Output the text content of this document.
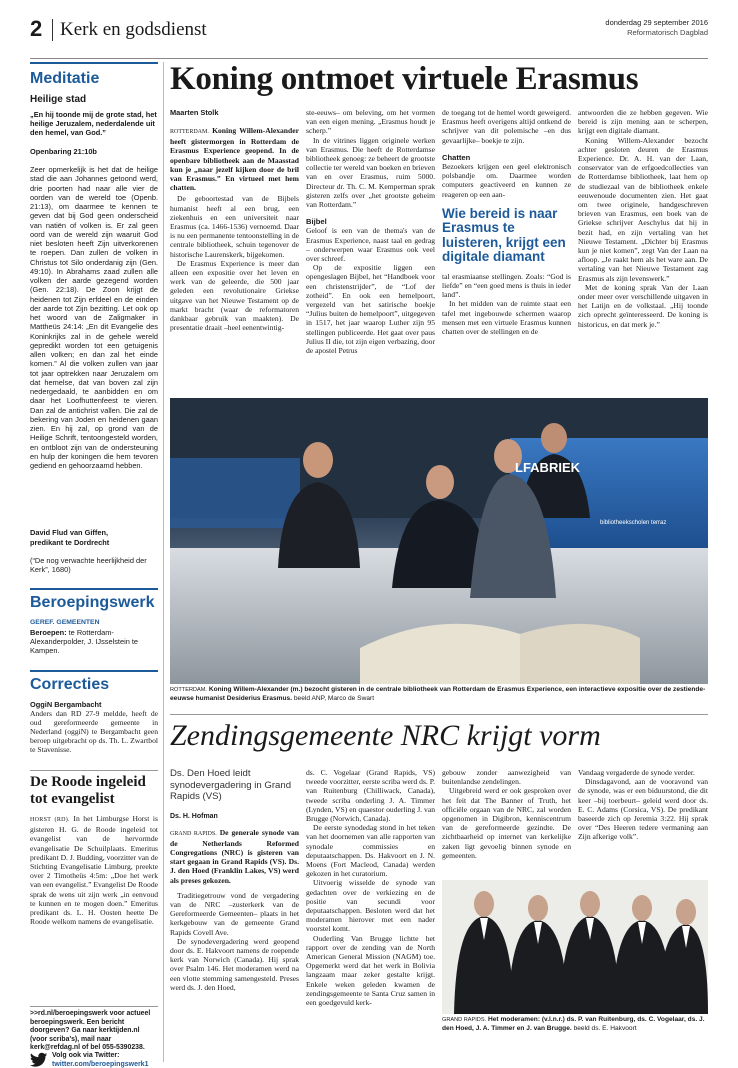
2 Kerk en godsdienst	donderdag 29 september 2016
Reformatorisch Dagblad
Meditatie
Heilige stad
„En hij toonde mij de grote stad, het heilige Jeruzalem, nederdalende uit den hemel, van God.”
Openbaring 21:10b
Zeer opmerkelijk is het dat de heilige stad die aan Johannes getoond werd, drie poorten had naar alle vier de oorden van de wereld toe (Openb. 21:13), om daarmee te kennen te geven dat bij God geen onderscheid van natiën of volken is. Er zal geen oord van de wereld zijn waaruit God niet besloten heeft Zijn uitverkorenen te roepen. Dan zullen de volken in Christus tot Silo onderdanig zijn (Gen. 49:10). In Abrahams zaad zullen alle volken der aarde gezegend worden (Gen. 22:18). De Zoon krijgt de heidenen tot Zijn erfdeel en de einden der aarde tot Zijn bezitting. Let ook op het woord van de Zaligmaker in Mattheüs 24:14: „En dit Evangelie des Koninkrijks zal in de gehele wereld gepredikt worden tot een getuigenis allen volken; en dan zal het einde komen.” Al die volken zullen van jaar tot jaar optrekken naar Jeruzalem om dat hemelse, dat van boven zal zijn nedergedaald, te aanbidden en om daar het Loofhuttenfeest te vieren. Dan zal de antichrist vallen. Die zal de bekering van Joden en heidenen gaan zien. En hij zal, op grond van de Heilige Schrift, tentoongesteld worden, en ontbloot zijn van de ondersteuning en hulp der koningen die hem tevoren gediend en gehoorzaamd hebben.
David Flud van Giffen,
predikant te Dordrecht
(“De nog verwachte heerlijkheid der Kerk”, 1680)
Beroepingswerk
GEREF. GEMEENTEN
Beroepen: te Rotterdam-Alexanderpolder, J. IJsselstein te Kampen.
Correcties
OggiN Bergambacht
Anders dan RD 27-9 meldde, heeft de oud gereformeerde gemeente in Nederland (oggiN) te Bergambacht geen beroep uitgebracht op ds. Th. L. Zwartbol te Stavenisse.
De Roode ingeleid tot evangelist

HORST (RD). In het Limburgse Horst is gisteren H. G. de Roode ingeleid tot evangelist van de hervormde evangelisatie De Schuilplaats. Emeritus predikant D. J. Budding, voorzitter van de Stichting Evangelisatie Limburg, preekte over 2 Timotheüs 4:5m: „Doe het werk van een evangelist.” Evangelist De Roode sprak de wens uit zijn werk „in eenvoud te kunnen en te mogen doen.” Emeritus predikant ds. L. H. Oosten heette De Roode welkom namens de evangelisatie.

>>rd.nl/beroepingswerk voor actueel beroepingswerk. Een bericht doorgeven? Ga naar kerktijden.nl (voor scriba's), mail naar kerk@refdag.nl of bel 055-5390238.
Volg ook via Twitter:
twitter.com/beroepingswerk1
Koning ontmoet virtuele Erasmus
Maarten Stolk

ROTTERDAM. Koning Willem-Alexander heeft gistermorgen in Rotterdam de Erasmus Experience geopend. In de openbare bibliotheek aan de Maasstad kun je „naar jezelf kijken door de bril van Erasmus.” En virtueel met hem chatten.

De geboortestad van de Bijbels humanist heeft al een brug, een ziekenhuis en een universiteit naar Erasmus (ca. 1466-1536) vernoemd. Daar is nu een permanente tentoonstelling in de centrale bibliotheek, schuin tegenover de historische Laurenskerk, bijgekomen.

De Erasmus Experience is meer dan alleen een expositie over het leven en werk van de geleerde, die 500 jaar geleden een revolutionaire Griekse uitgave van het Nieuwe Testament op de markt bracht (waar de reformatoren dankbaar gebruik van maakten). De presentatie draait –heel eenentwintig-

ste-eeuws– om beleving, om het vormen van een eigen mening. „Erasmus houdt je scherp.”

In de vitrines liggen originele werken van Erasmus. Die heeft de Rotterdamse bibliotheek genoeg: ze beheert de grootste collectie ter wereld van boeken en brieven van en over Erasmus, ruim 5000. Directeur dr. Th. C. M. Kemperman sprak gisteren zelfs over „het grootste geheim van Rotterdam.”

Bijbel

Geloof is een van de thema's van de Erasmus Experience, naast taal en gedrag – onderwerpen waar Erasmus ook veel over schreef.

Op de expositie liggen een opengeslagen Bijbel, het “Handboek voor een christenstrijder”, de “Lof der zotheid”. En ook een hemelpoort, vergezeld van het satirische boekje “Julius buiten de hemelpoort”, uitgegeven in 1517, het jaar waarop Luther zijn 95 stellingen publiceerde. Het gaat over paus Julius II die, tot zijn eigen verbazing, door de apostel Petrus

de toegang tot de hemel wordt geweigerd. Erasmus heeft overigens altijd ontkend de schrijver van dit polemische –en dus gevaarlijke– boekje te zijn.

Chatten

Bezoekers krijgen een geel elektronisch polsbandje om. Daarmee worden computers geactiveerd en kunnen ze reageren op een aan-

Wie bereid is naar Erasmus te luisteren, krijgt een digitale diamant

tal erasmiaanse stellingen. Zoals: “God is liefde” en “een goed mens is thuis in ieder land”.

In het midden van de ruimte staat een tafel met ingebouwde schermen waarop mensen met een virtuele Erasmus kunnen chatten over de stellingen en de

antwoorden die ze hebben gegeven. Wie bereid is zijn mening aan te scherpen, krijgt een digitale diamant.

Koning Willem-Alexander bezocht achter gesloten deuren de Erasmus Experience. Dr. A. H. van der Laan, conservator van de erfgoedcollecties van de Rotterdamse bibliotheek, laat hem op de studiezaal van de bibliotheek enkele eeuwenoude documenten zien. Het gaat om twee originele, handgeschreven brieven van Erasmus, een boek van de Griekse schrijver Aeschylus dat hij in bezit had, en zijn vertaling van het Nieuwe Testament. „Dichter bij Erasmus kun je niet komen”, zegt Van der Laan na afloop. „Je raakt hem als het ware aan. De vertaling van het Nieuwe Testament zag Erasmus als zijn levenswerk.”

Met de koning sprak Van der Laan onder meer over verschillende uitgaven in het Latijn en de volkstaal. „Hij toonde zich oprecht geïnteresseerd. De koning is historicus, en dat merk je.”

LFABRIEK
bibliotheekscholen terraz
ROTTERDAM. Koning Willem-Alexander (m.) bezocht gisteren in de centrale bibliotheek van Rotterdam de Erasmus Experience, een interactieve expositie over de zestiende-eeuwse humanist Desiderius Erasmus. beeld ANP, Marco de Swart
Zendingsgemeente NRC krijgt vorm
Ds. Den Hoed leidt synodevergadering in Grand Rapids (VS)
Ds. H. Hofman

GRAND RAPIDS. De generale synode van de Netherlands Reformed Congregations (NRC) is gisteren van start gegaan in Grand Rapids (VS). Ds. J. den Hoed (Franklin Lakes, VS) werd als preses gekozen.

Traditiegetrouw vond de vergadering van de NRC –zusterkerk van de Gereformeerde Gemeenten– plaats in het kerkgebouw van de gemeente Grand Rapids Covell Ave.

De synodevergadering werd geopend door ds. E. Hakvoort namens de roepende kerk van Norwich (Canada). Hij sprak over Psalm 146. Het moderamen werd na een vlotte stemming samengesteld. Preses werd ds. J. den Hoed,

ds. C. Vogelaar (Grand Rapids, VS) tweede voorzitter, eerste scriba werd ds. P. van Ruitenburg (Chilliwack, Canada), tweede scriba onderling J. A. Timmer (Lynden, VS) en quaestor ouderling J. van Brugge (Norwich, Canada).

De eerste synodedag stond in het teken van het doornemen van alle rapporten van synodale commissies en deputaatschappen. Ds. Hakvoort en J. N. Moens (Fort Macleod, Canada) werden gekozen in het curatorium.

Uitvoerig wisselde de synode van gedachten over de verkiezing en de positie van secundi voor deputaatschappen. Besloten werd dat het moderamen hierover met een nader voorstel komt.

Ouderling Van Brugge lichtte het rapport over de zending van de North American General Mission (NAGM) toe. Opgemerkt werd dat het werk in Bolivia langzaam maar zeker gestalte krijgt. Enkele weken geleden kwamen de zendingsgemeente te Santa Cruz samen in een goedgevuld kerk-

gebouw zonder aanwezigheid van buitenlandse zendelingen.

Uitgebreid werd er ook gesproken over het feit dat The Banner of Truth, het officiële orgaan van de NRC, zal worden opgenomen in Digibron, kenniscentrum van de gereformeerde gezindte. De zichtbaarheid op internet van kerkelijke zaken ligt gevoelig binnen synode en gemeenten.

Vandaag vergaderde de synode verder.

Dinsdagavond, aan de vooravond van de synode, was er een biduurstond, die dit keer –bij toerbeurt– geleid werd door ds. E. C. Adams (Corsica, VS). De predikant baseerde zich op Jeremia 3:22. Hij sprak over “Des Heeren tedere vermaning aan Zijn afkerige volk”.

GRAND RAPIDS. Het moderamen: (v.l.n.r.) ds. P. van Ruitenburg, ds. C. Vogelaar, ds. J. den Hoed, J. A. Timmer en J. van Brugge. beeld ds. E. Hakvoort
